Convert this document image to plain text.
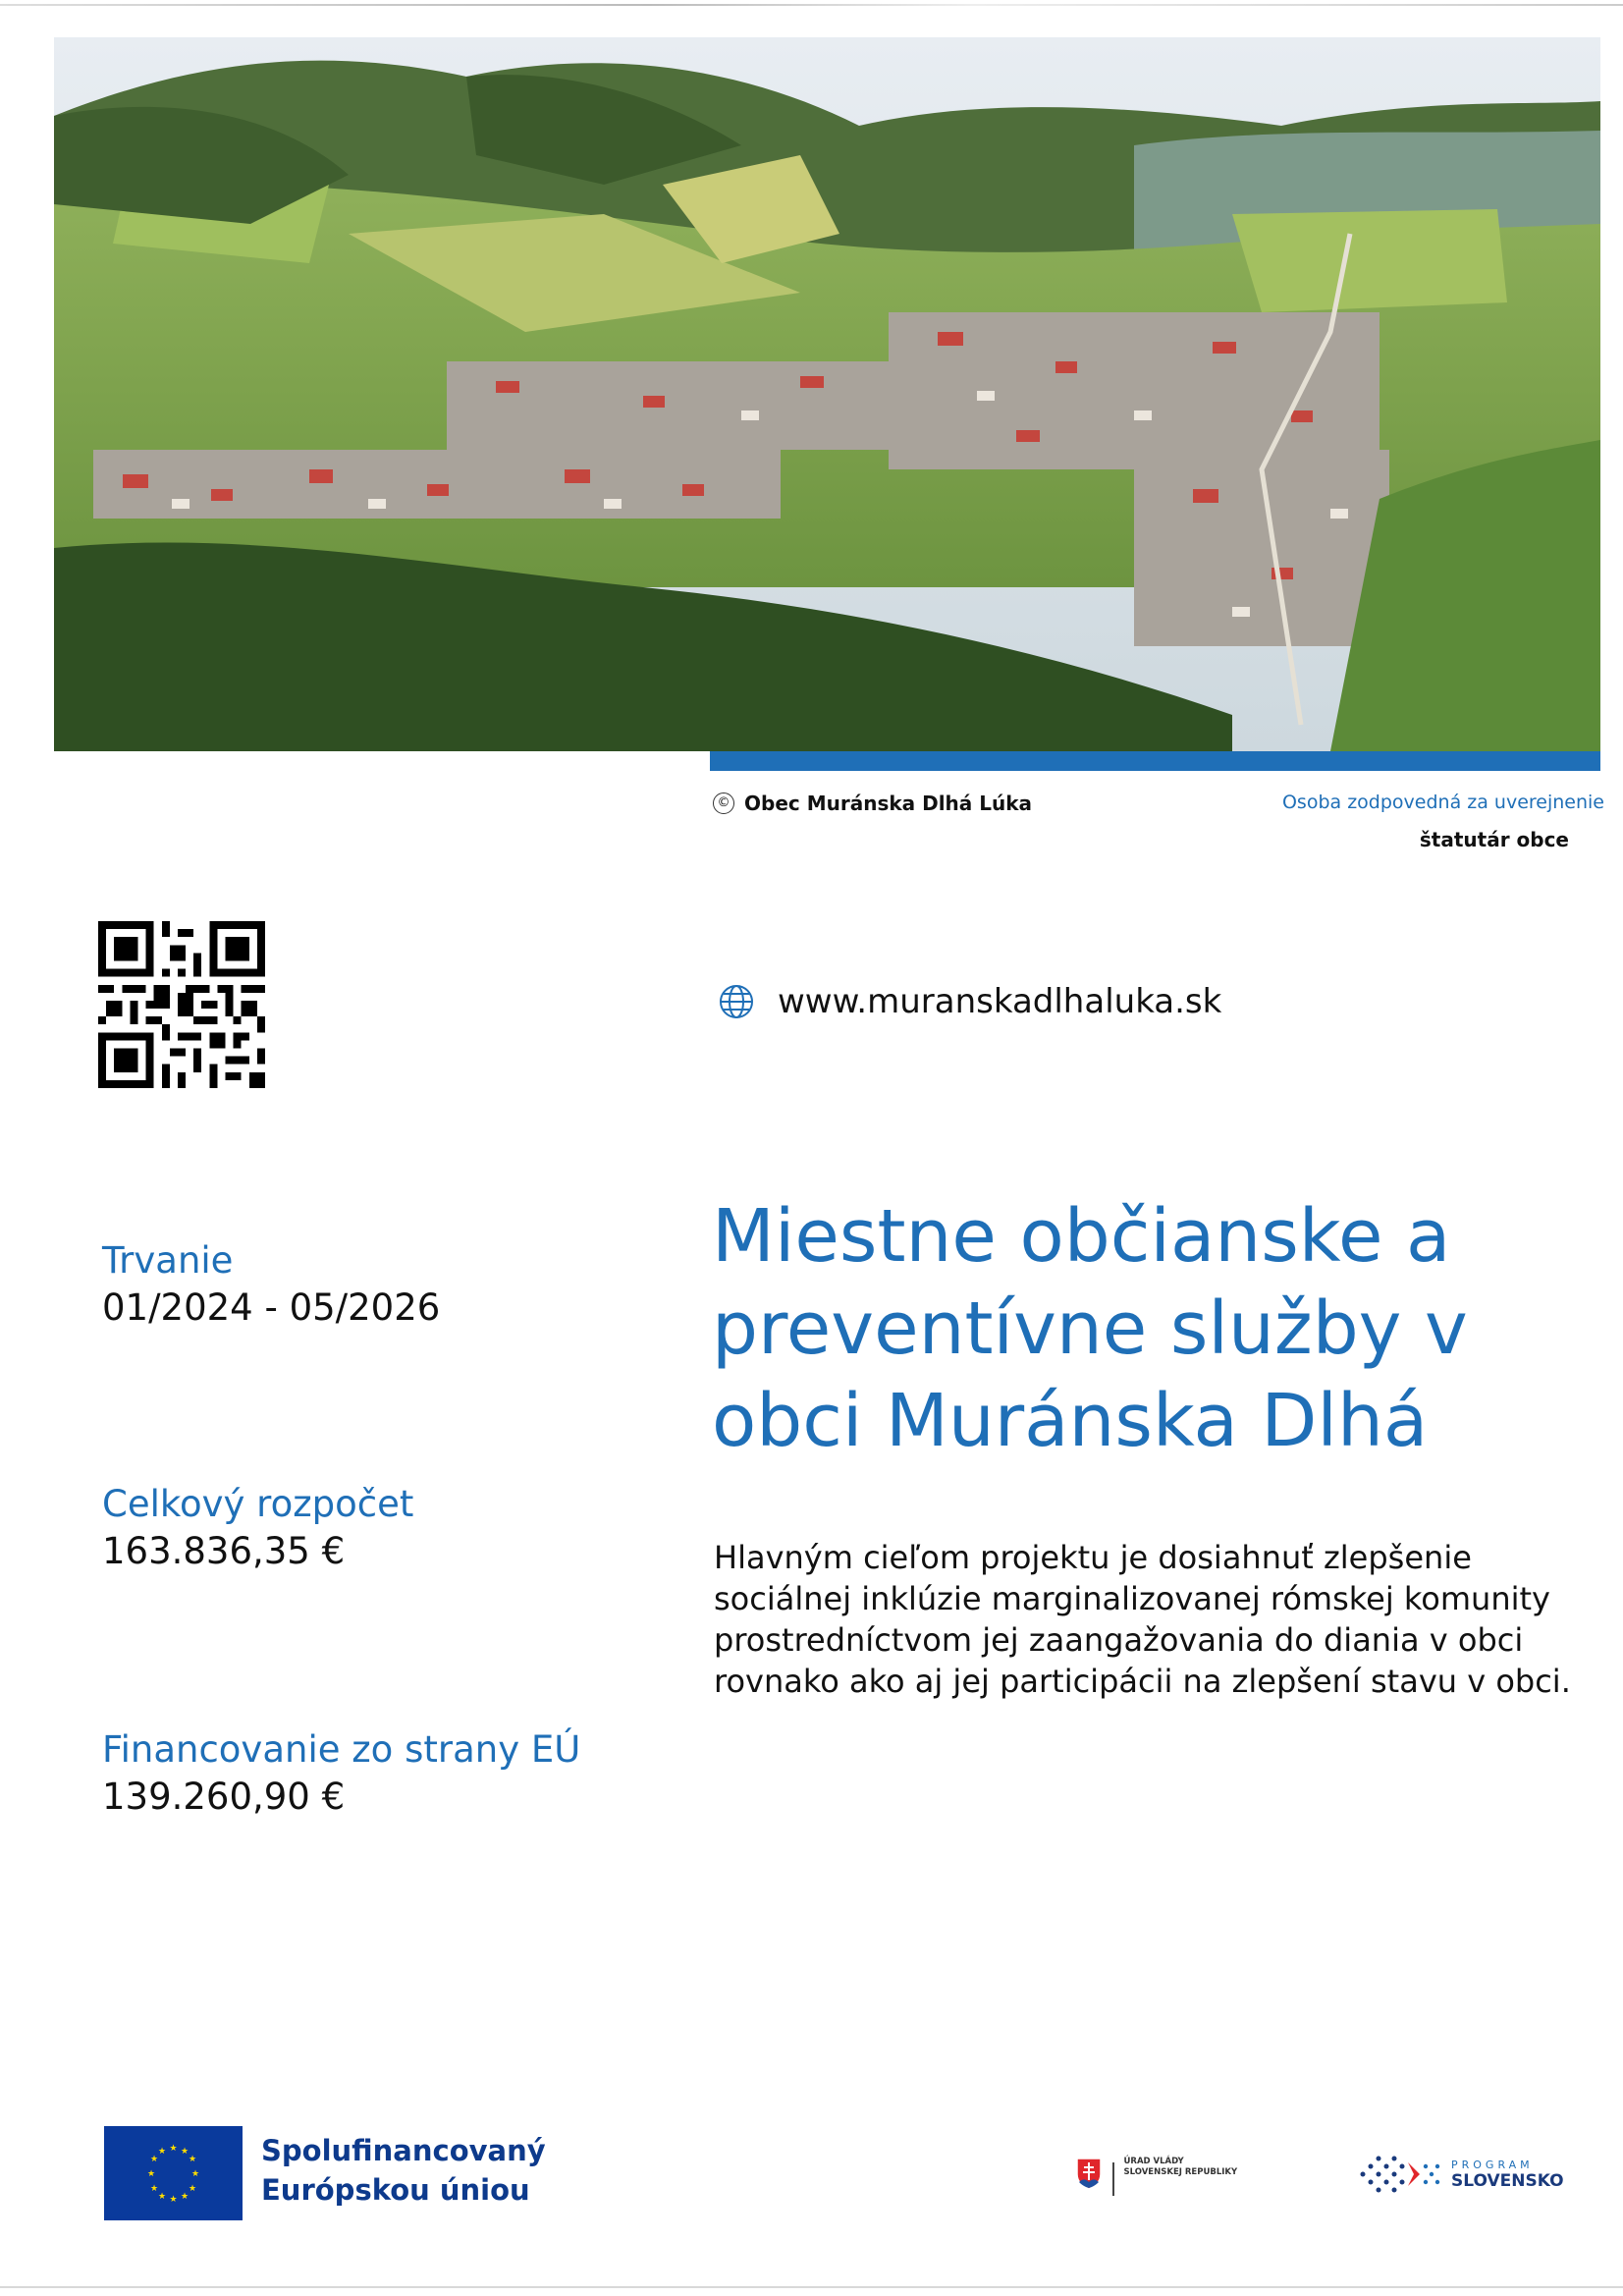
© Obec Muránska Dlhá Lúka	Osoba zodpovedná za uverejnenie
štatutár obce
www.muranskadlhaluka.sk
Trvanie
01/2024 - 05/2026
Celkový rozpočet
163.836,35 €
Financovanie zo strany EÚ
139.260,90 €
Miestne občianske a preventívne služby v obci Muránska Dlhá

Hlavným cieľom projektu je dosiahnuť zlepšenie sociálnej inklúzie marginalizovanej rómskej komunity prostredníctvom jej zaangažovania do diania v obci rovnako ako aj jej participácii na zlepšení stavu v obci.

★ ★
★
★
★
★
★
★
★
★
★
★	Spolufinancovaný
Európskou úniou
ÚRAD VLÁDY
SLOVENSKEJ REPUBLIKY
PROGRAM
SLOVENSKO
